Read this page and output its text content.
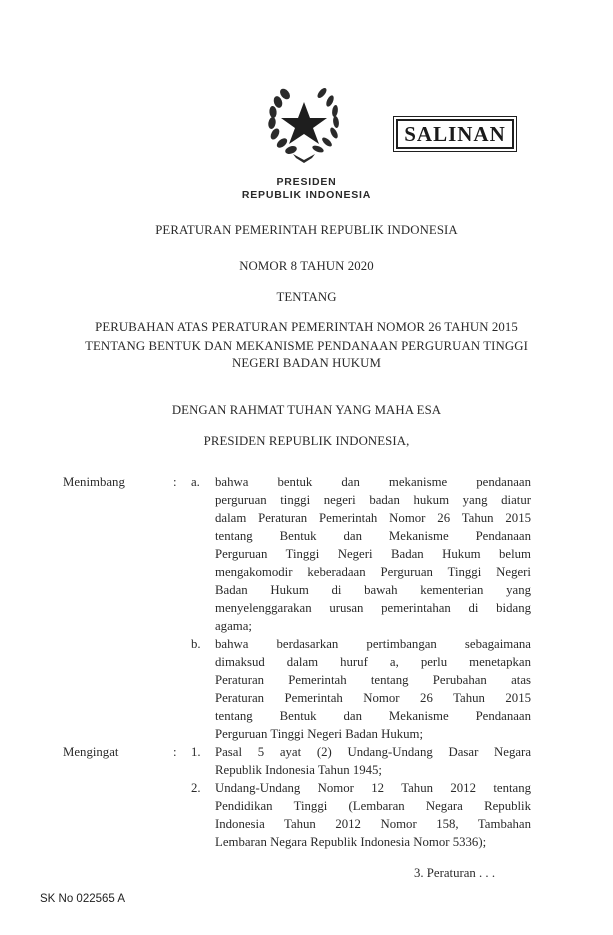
SALINAN
PRESIDEN
REPUBLIK INDONESIA
PERATURAN PEMERINTAH REPUBLIK INDONESIA
NOMOR 8 TAHUN 2020
TENTANG
PERUBAHAN ATAS PERATURAN PEMERINTAH NOMOR 26 TAHUN 2015
TENTANG BENTUK DAN MEKANISME PENDANAAN PERGURUAN TINGGI
NEGERI BADAN HUKUM
DENGAN RAHMAT TUHAN YANG MAHA ESA
PRESIDEN REPUBLIK INDONESIA,
Menimbang	: a. bahwa bentuk dan mekanisme pendanaan
perguruan tinggi negeri badan hukum yang diatur
dalam Peraturan Pemerintah Nomor 26 Tahun 2015
tentang Bentuk dan Mekanisme Pendanaan
Perguruan Tinggi Negeri Badan Hukum belum
mengakomodir keberadaan Perguruan Tinggi Negeri
Badan Hukum di bawah kementerian yang
menyelenggarakan urusan pemerintahan di bidang
agama;
b. bahwa berdasarkan pertimbangan sebagaimana
dimaksud dalam huruf a, perlu menetapkan
Peraturan Pemerintah tentang Perubahan atas
Peraturan Pemerintah Nomor 26 Tahun 2015
tentang Bentuk dan Mekanisme Pendanaan
Perguruan Tinggi Negeri Badan Hukum;
Mengingat	: 1. Pasal 5 ayat (2) Undang-Undang Dasar Negara
Republik Indonesia Tahun 1945;
2. Undang-Undang Nomor 12 Tahun 2012 tentang
Pendidikan Tinggi (Lembaran Negara Republik
Indonesia Tahun 2012 Nomor 158, Tambahan
Lembaran Negara Republik Indonesia Nomor 5336);
3. Peraturan . . .
SK No 022565 A
